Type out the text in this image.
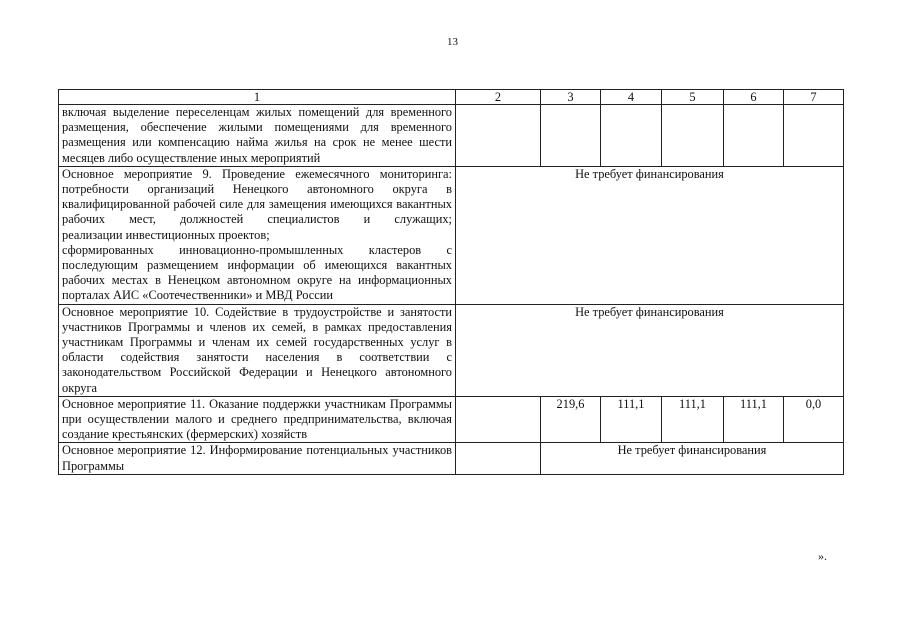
13
1	2	3	4	5	6	7

включая выделение переселенцам жилых помещений для временного размещения, обеспечение жилыми помещениями для временного размещения или компенсацию найма жилья на срок не менее шести месяцев либо осуществление иных мероприятий						

Основное мероприятие 9. Проведение ежемесячного мониторинга:

потребности организаций Ненецкого автономного округа в квалифицированной рабочей силе для замещения имеющихся вакантных рабочих мест, должностей специалистов и служащих;

реализации инвестиционных проектов;

сформированных инновационно-промышленных кластеров с последующим размещением информации об имеющихся вакантных рабочих местах в Ненецком автономном округе на информационных порталах АИС «Соотечественники» и МВД России	Не требует финансирования					

Основное мероприятие 10. Содействие в трудоустройстве и занятости участников Программы и членов их семей, в рамках предоставления участникам Программы и членам их семей государственных услуг в области содействия занятости населения в соответствии с законодательством Российской Федерации и Ненецкого автономного округа	Не требует финансирования					

Основное мероприятие 11. Оказание поддержки участникам Программы при осуществлении малого и среднего предпринимательства, включая создание крестьянских (фермерских) хозяйств		219,6	111,1	111,1	111,1	0,0

Основное мероприятие 12. Информирование потенциальных участников Программы		Не требует финансирования				
».
